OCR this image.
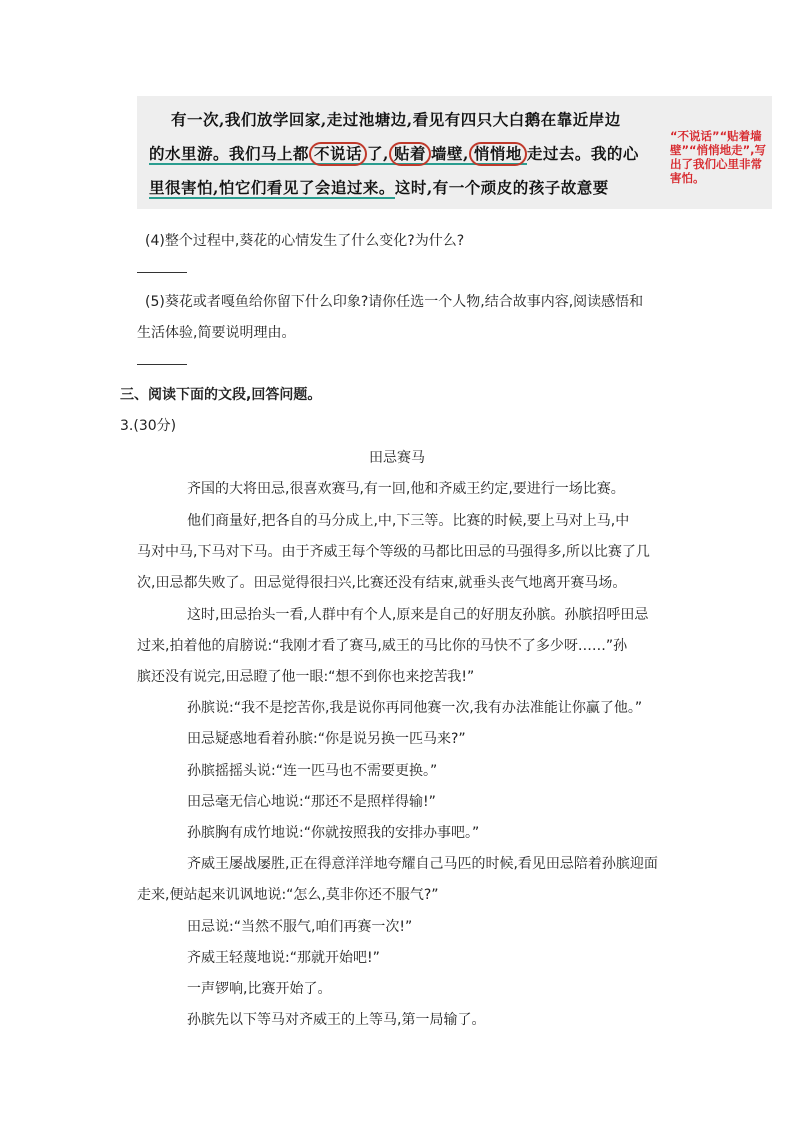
有一次,我们放学回家,走过池塘边,看见有四只大白鹅在靠近岸边
的水里游。我们马上都 不说话 了, 贴着 墙壁, 悄悄地 走过去。我的心
里很害怕,怕它们看见了会追过来。这时,有一个顽皮的孩子故意要
“不说话”“贴着墙壁”“悄悄地走”,写出了我们心里非常害怕。
(4)整个过程中,葵花的心情发生了什么变化?为什么?
(5)葵花或者嘎鱼给你留下什么印象?请你任选一个人物,结合故事内容,阅读感悟和
生活体验,简要说明理由。
三、阅读下面的文段,回答问题。
3.(30分)
田忌赛马
齐国的大将田忌,很喜欢赛马,有一回,他和齐威王约定,要进行一场比赛。
他们商量好,把各自的马分成上,中,下三等。比赛的时候,要上马对上马,中
马对中马,下马对下马。由于齐威王每个等级的马都比田忌的马强得多,所以比赛了几
次,田忌都失败了。田忌觉得很扫兴,比赛还没有结束,就垂头丧气地离开赛马场。
这时,田忌抬头一看,人群中有个人,原来是自己的好朋友孙膑。孙膑招呼田忌
过来,拍着他的肩膀说:“我刚才看了赛马,威王的马比你的马快不了多少呀……”孙
膑还没有说完,田忌瞪了他一眼:“想不到你也来挖苦我!”
孙膑说:“我不是挖苦你,我是说你再同他赛一次,我有办法准能让你赢了他。”
田忌疑惑地看着孙膑:“你是说另换一匹马来?”
孙膑摇摇头说:“连一匹马也不需要更换。”
田忌毫无信心地说:“那还不是照样得输!”
孙膑胸有成竹地说:“你就按照我的安排办事吧。”
齐威王屡战屡胜,正在得意洋洋地夸耀自己马匹的时候,看见田忌陪着孙膑迎面
走来,便站起来讥讽地说:“怎么,莫非你还不服气?”
田忌说:“当然不服气,咱们再赛一次!”
齐威王轻蔑地说:“那就开始吧!”
一声锣响,比赛开始了。
孙膑先以下等马对齐威王的上等马,第一局输了。
